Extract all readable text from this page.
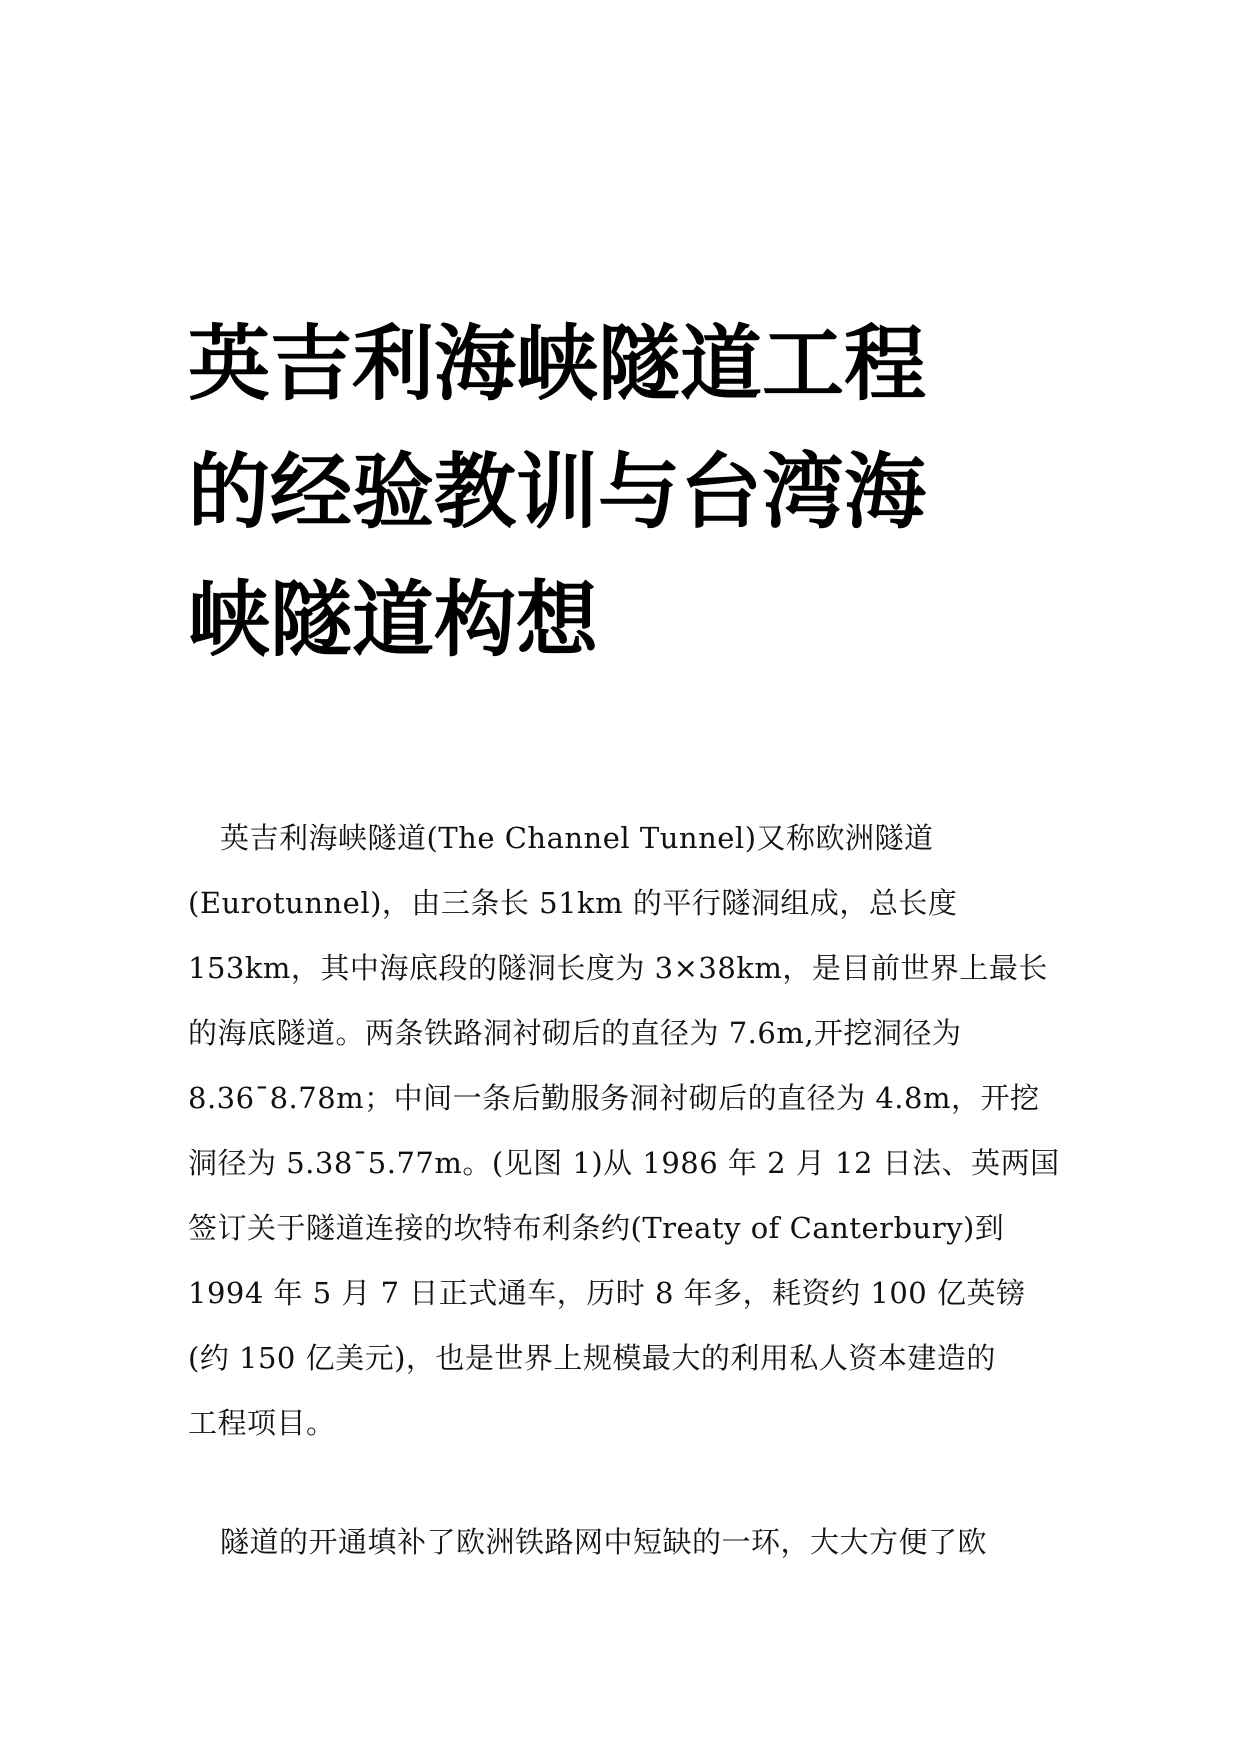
英吉利海峡隧道工程
的经验教训与台湾海
峡隧道构想
英吉利海峡隧道(The Channel Tunnel)又称欧洲隧道
(Eurotunnel)，由三条长 51km 的平行隧洞组成，总长度
153km，其中海底段的隧洞长度为 3×38km，是目前世界上最长
的海底隧道。两条铁路洞衬砌后的直径为 7.6m,开挖洞径为
8.36¯8.78m；中间一条后勤服务洞衬砌后的直径为 4.8m，开挖
洞径为 5.38¯5.77m。(见图 1)从 1986 年 2 月 12 日法、英两国
签订关于隧道连接的坎特布利条约(Treaty of Canterbury)到
1994 年 5 月 7 日正式通车，历时 8 年多，耗资约 100 亿英镑
(约 150 亿美元)，也是世界上规模最大的利用私人资本建造的
工程项目。
隧道的开通填补了欧洲铁路网中短缺的一环，大大方便了欧
